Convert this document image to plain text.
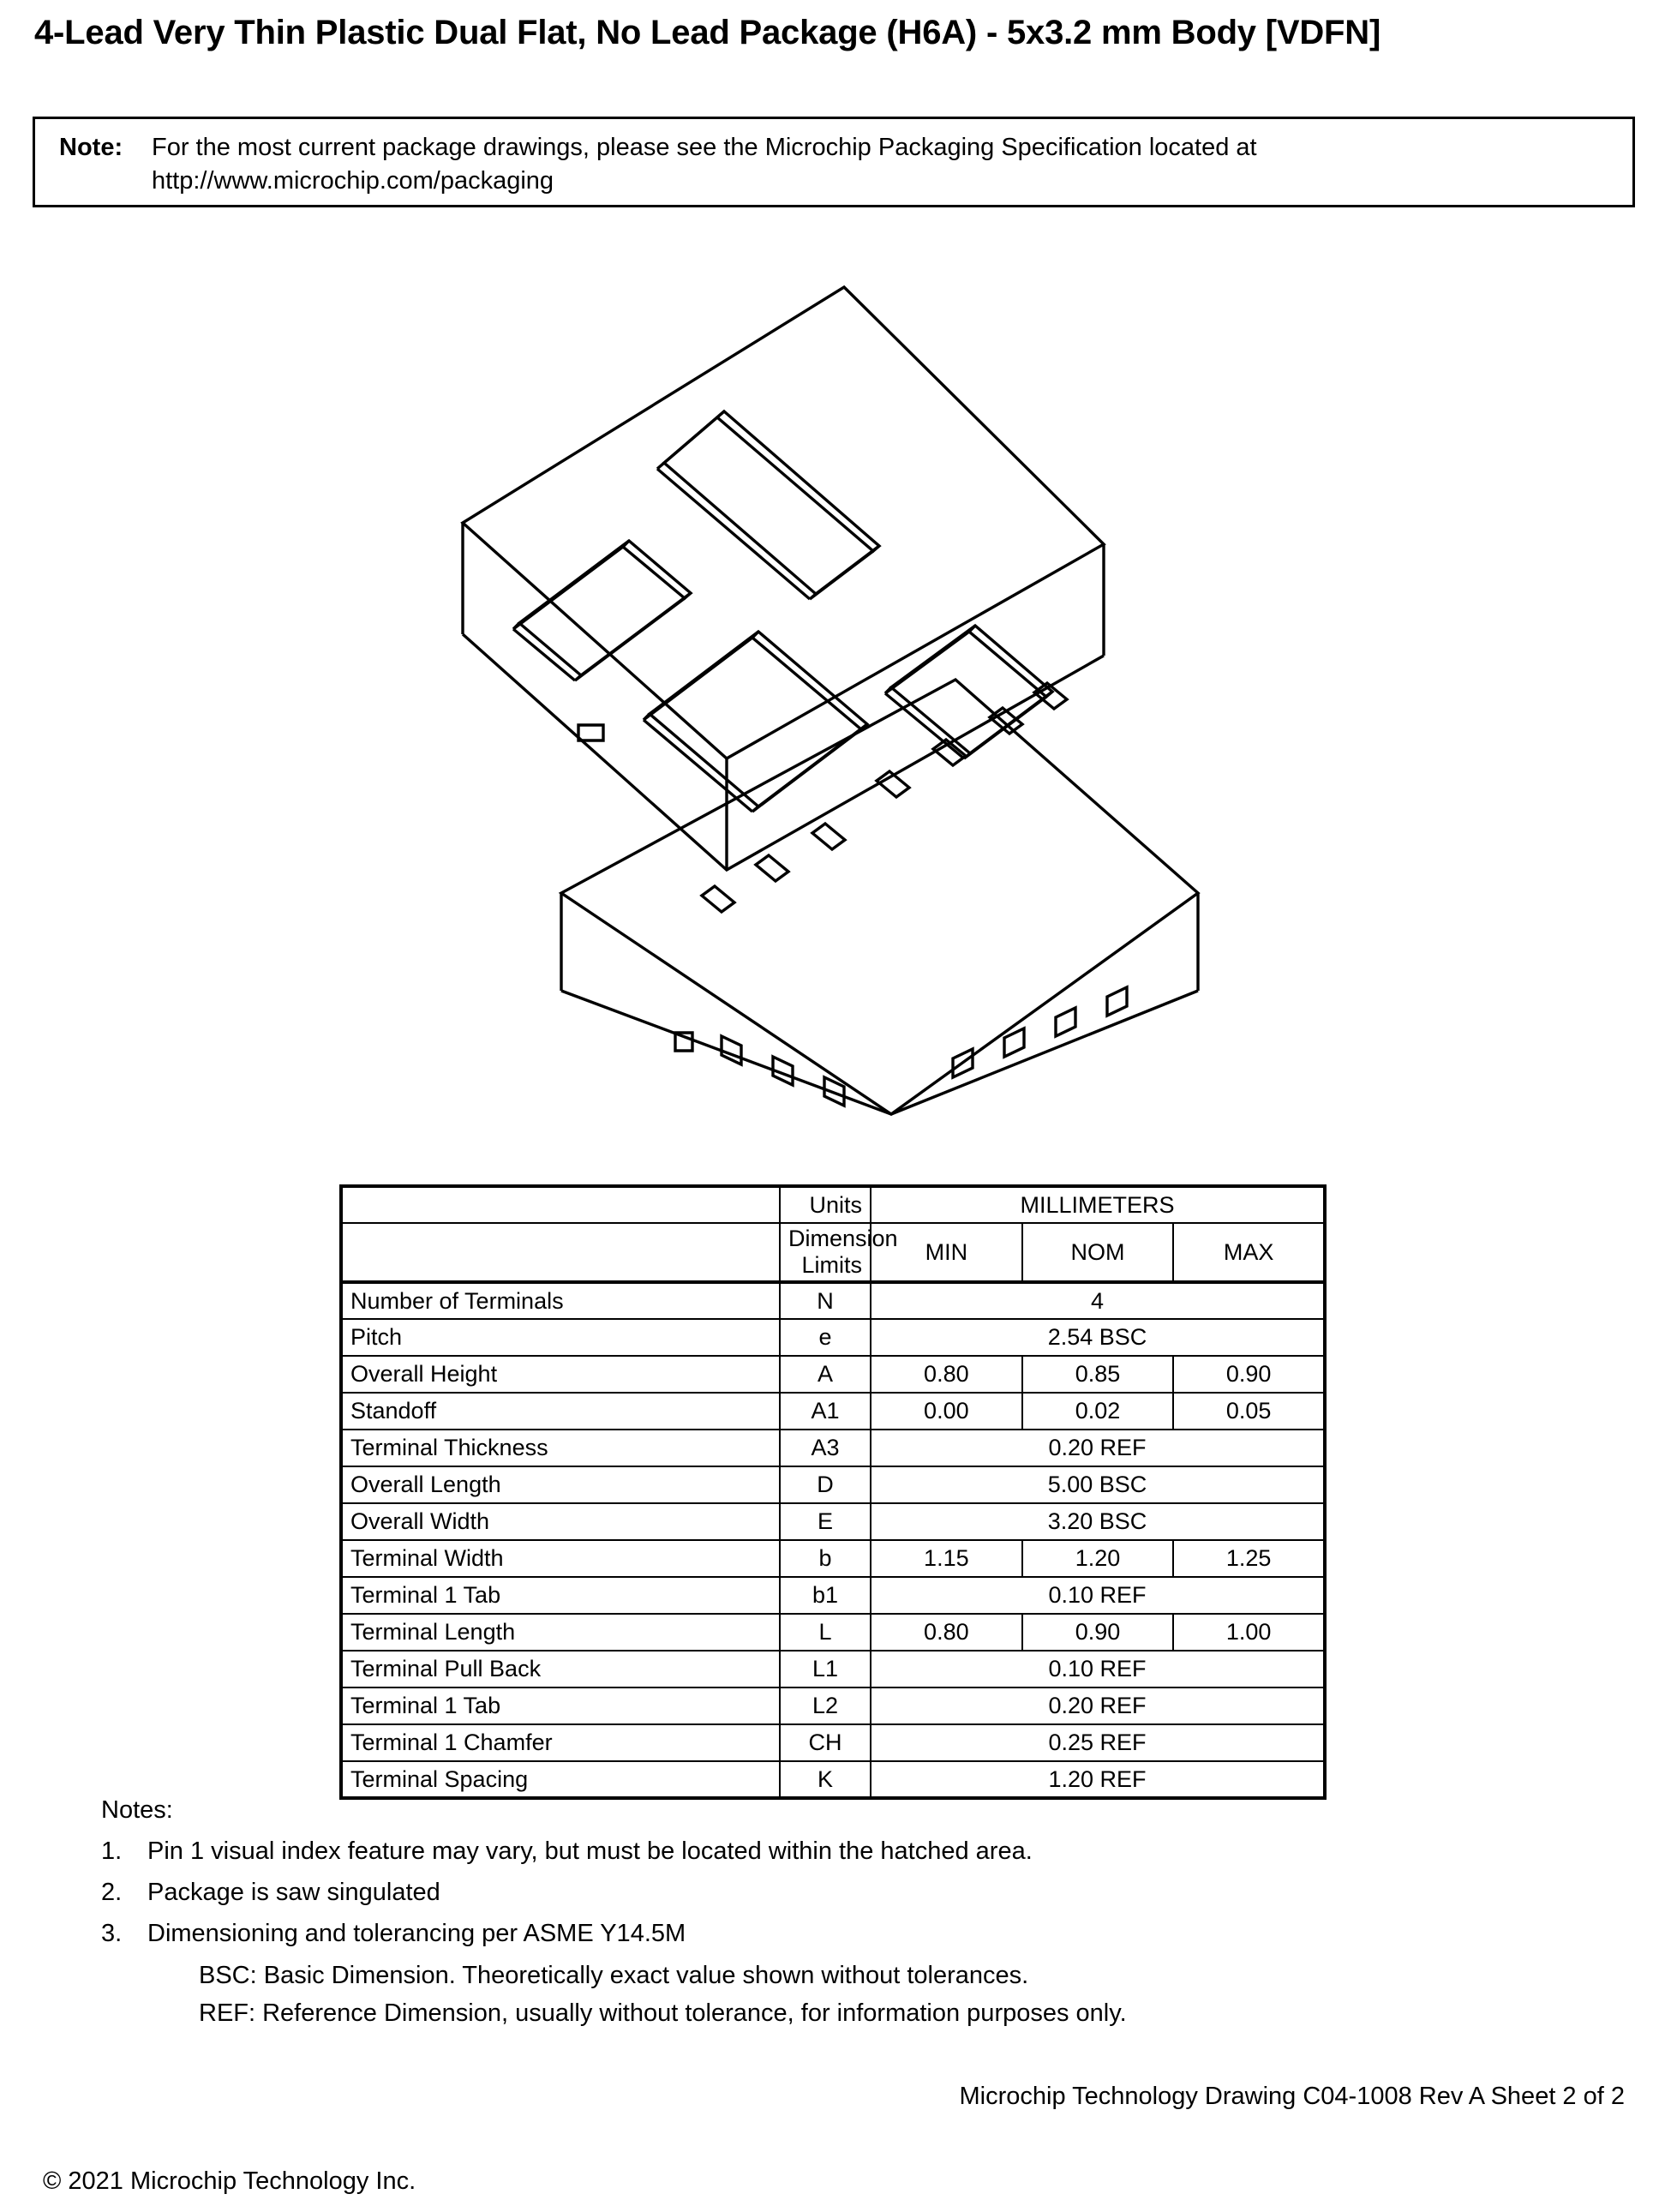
4-Lead Very Thin Plastic Dual Flat, No Lead Package (H6A) - 5x3.2 mm Body [VDFN]
Note:	For the most current package drawings, please see the Microchip Packaging Specification located at http://www.microchip.com/packaging
	Units	MILLIMETERS		
	Dimension Limits	MIN	NOM	MAX
Number of Terminals	N	4		
Pitch	e	2.54 BSC		
Overall Height	A	0.80	0.85	0.90
Standoff	A1	0.00	0.02	0.05
Terminal Thickness	A3	0.20 REF		
Overall Length	D	5.00 BSC		
Overall Width	E	3.20 BSC		
Terminal Width	b	1.15	1.20	1.25
Terminal 1 Tab	b1	0.10 REF		
Terminal Length	L	0.80	0.90	1.00
Terminal Pull Back	L1	0.10 REF		
Terminal 1 Tab	L2	0.20 REF		
Terminal 1 Chamfer	CH	0.25 REF		
Terminal Spacing	K	1.20 REF		
Notes:
1. Pin 1 visual index feature may vary, but must be located within the hatched area.
2. Package is saw singulated
3. Dimensioning and tolerancing per ASME Y14.5M
BSC: Basic Dimension. Theoretically exact value shown without tolerances.
REF: Reference Dimension, usually without tolerance, for information purposes only.
Microchip Technology Drawing C04-1008 Rev A Sheet 2 of 2
© 2021 Microchip Technology Inc.
